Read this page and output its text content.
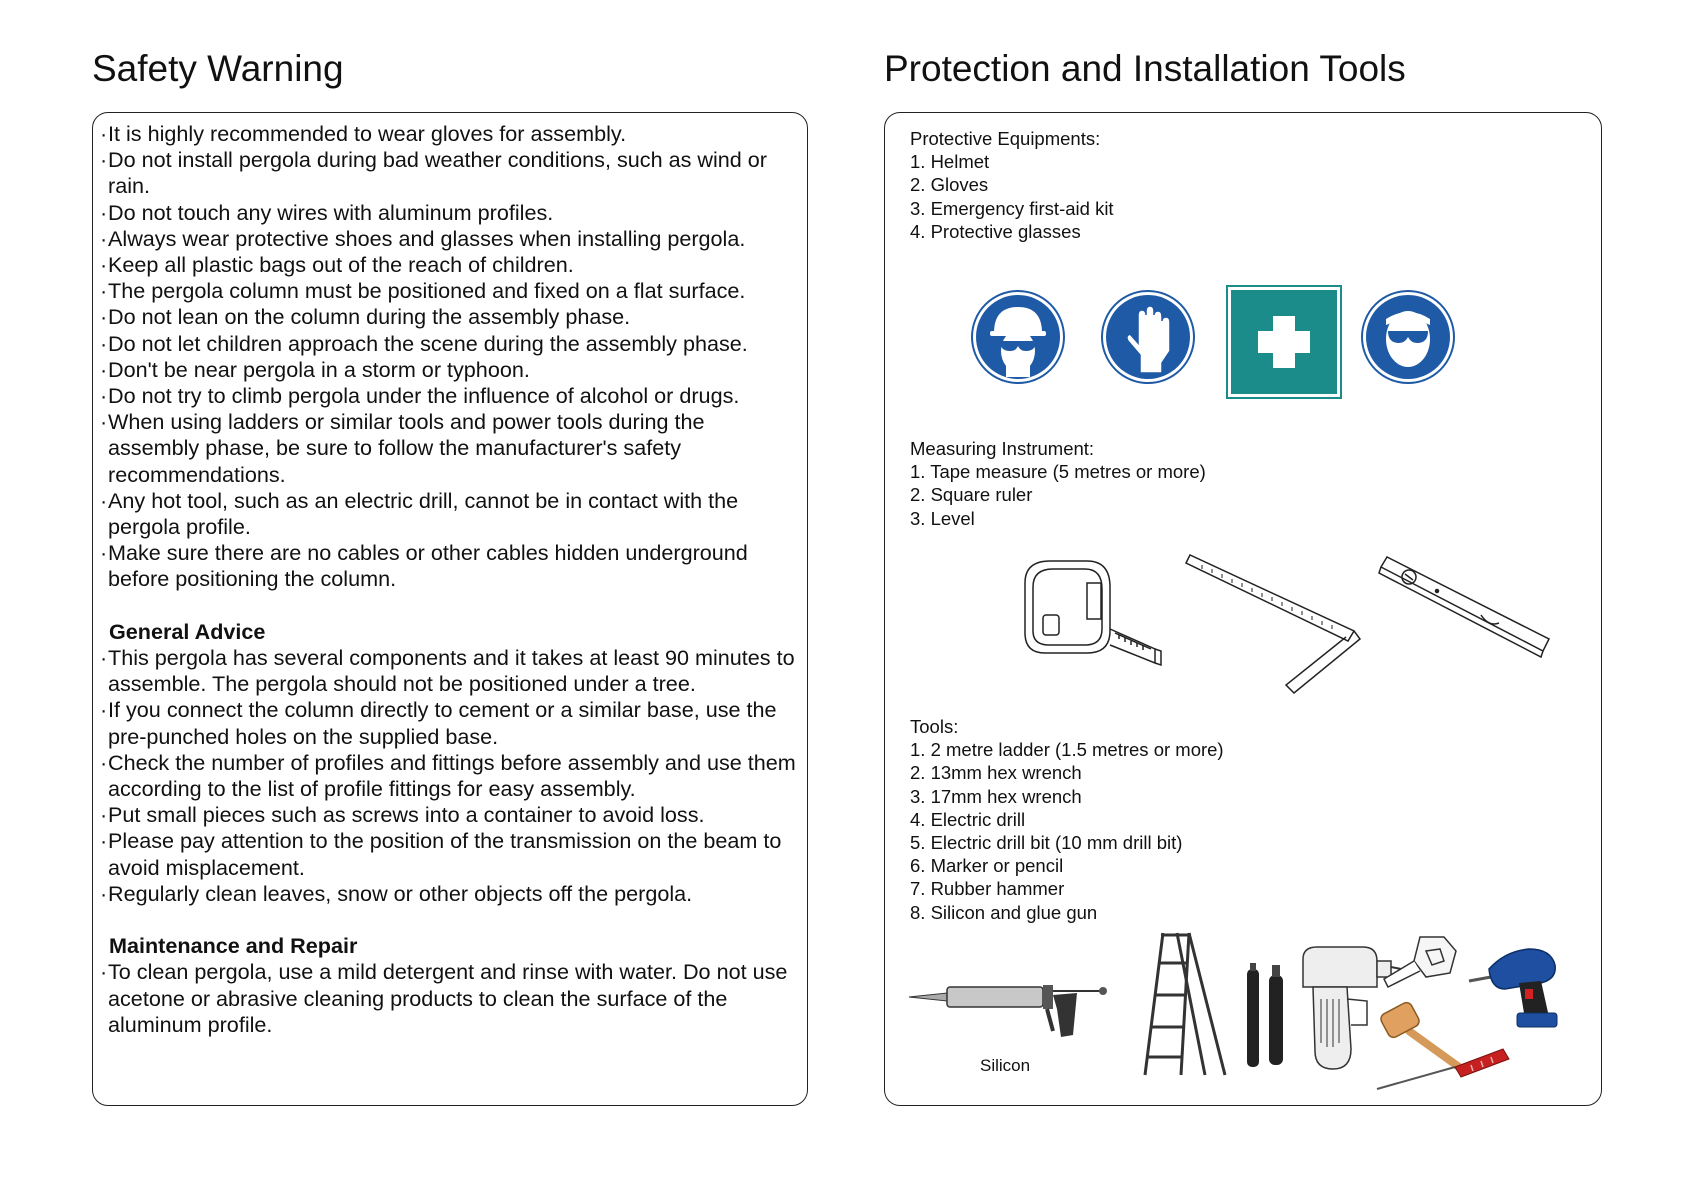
Safety Warning	Protection and Installation Tools

· It is highly recommended to wear gloves for assembly.

· Do not install pergola during bad weather conditions, such as wind or rain.

· Do not touch any wires with aluminum profiles.

· Always wear protective shoes and glasses when installing pergola.

· Keep all plastic bags out of the reach of children.

· The pergola column must be positioned and fixed on a flat surface.

· Do not lean on the column during the assembly phase.

· Do not let children approach the scene during the assembly phase.

· Don't be near pergola in a storm or typhoon.

· Do not try to climb pergola under the influence of alcohol or drugs.

· When using ladders or similar tools and power tools during the assembly phase, be sure to follow the manufacturer's safety recommendations.

· Any hot tool, such as an electric drill, cannot be in contact with the pergola profile.

· Make sure there are no cables or other cables hidden underground before positioning the column.

General Advice

· This pergola has several components and it takes at least 90 minutes to assemble. The pergola should not be positioned under a tree.

· If you connect the column directly to cement or a similar base, use the pre-punched holes on the supplied base.

· Check the number of profiles and fittings before assembly and use them according to the list of profile fittings for easy assembly.

· Put small pieces such as screws into a container to avoid loss.

· Please pay attention to the position of the transmission on the beam to avoid misplacement.

· Regularly clean leaves, snow or other objects off the pergola.

Maintenance and Repair

· To clean pergola, use a mild detergent and rinse with water. Do not use acetone or abrasive cleaning products to clean the surface of the aluminum profile.

Protective Equipments:

1. Helmet

2. Gloves

3. Emergency first-aid kit

4. Protective glasses

Measuring Instrument:

1. Tape measure (5 metres or more)

2. Square ruler

3. Level

Tools:

1. 2 metre ladder (1.5 metres or more)

2. 13mm hex wrench

3. 17mm hex wrench

4. Electric drill

5. Electric drill bit (10 mm drill bit)

6. Marker or pencil

7. Rubber hammer

8. Silicon and glue gun

Silicon
